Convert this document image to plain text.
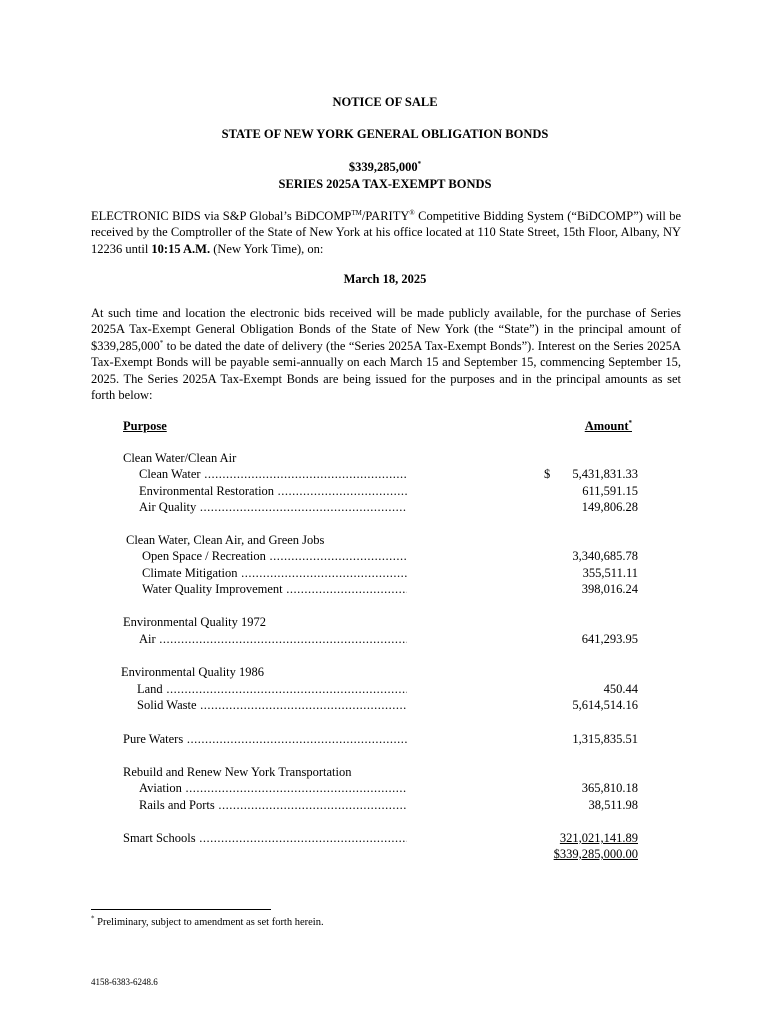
NOTICE OF SALE
STATE OF NEW YORK GENERAL OBLIGATION BONDS
$339,285,000*
SERIES 2025A TAX-EXEMPT BONDS
ELECTRONIC BIDS via S&P Global’s BiDCOMP™/PARITY® Competitive Bidding System (“BiDCOMP”) will be received by the Comptroller of the State of New York at his office located at 110 State Street, 15th Floor, Albany, NY 12236 until 10:15 A.M. (New York Time), on:
March 18, 2025
At such time and location the electronic bids received will be made publicly available, for the purchase of Series 2025A Tax-Exempt General Obligation Bonds of the State of New York (the “State”) in the principal amount of $339,285,000* to be dated the date of delivery (the “Series 2025A Tax-Exempt Bonds”). Interest on the Series 2025A Tax-Exempt Bonds will be payable semi-annually on each March 15 and September 15, commencing September 15, 2025. The Series 2025A Tax-Exempt Bonds are being issued for the purposes and in the principal amounts as set forth below:
Purpose	Amount*
Clean Water/Clean Air
Clean Water .....	$ 5,431,831.33
Environmental Restoration .....	611,591.15
Air Quality .....	149,806.28
Clean Water, Clean Air, and Green Jobs
Open Space / Recreation .....	3,340,685.78
Climate Mitigation .....	355,511.11
Water Quality Improvement .....	398,016.24
Environmental Quality 1972
Air .....	641,293.95
Environmental Quality 1986
Land .....	450.44
Solid Waste .....	5,614,514.16
Pure Waters .....	1,315,835.51
Rebuild and Renew New York Transportation
Aviation .....	365,810.18
Rails and Ports .....	38,511.98
Smart Schools .....	321,021,141.89
$339,285,000.00
* Preliminary, subject to amendment as set forth herein.
4158-6383-6248.6
